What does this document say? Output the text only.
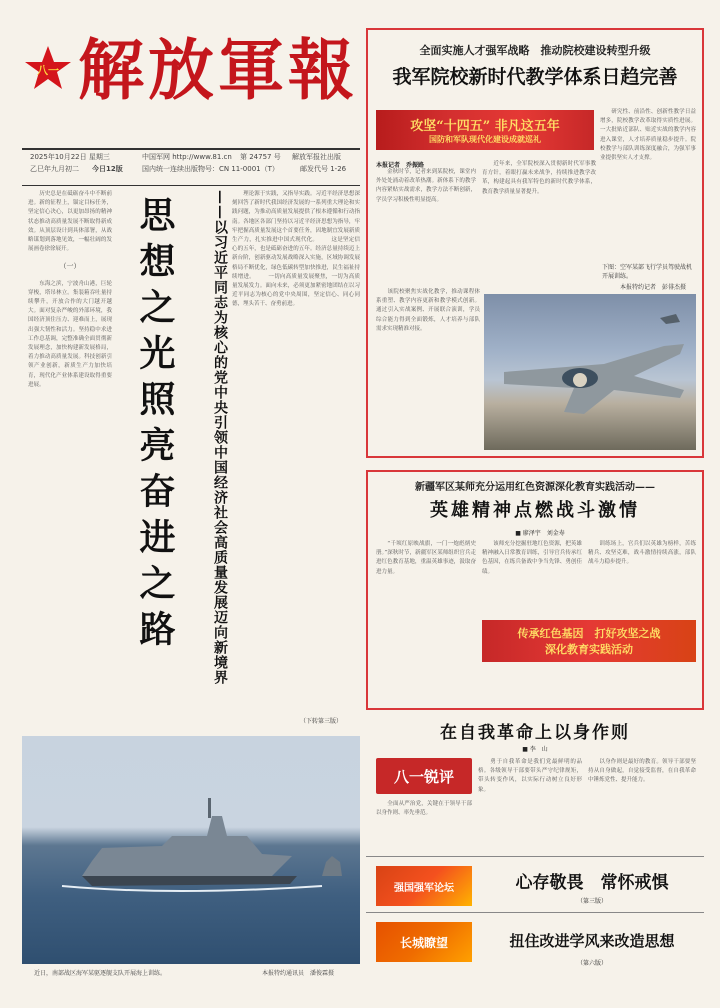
八一 解放軍報
2025年10月22日 星期三
乙巳年九月初二 今日12版
中国军网 http://www.81.cn 第 24757 号 解放军报社出版
国内统一连续出版物号：CN 11-0001（T）	邮发代号 1-26
　　历史总是在砥砺奋斗中不断前进。新的征程上，锚定目标任务，坚定信心决心，以更加昂扬的精神状态推动高质量发展不断取得新成效。从顶层设计到具体部署，从战略谋划到落地见效，一幅壮阔的发展画卷徐徐展开。
（一）
　　东海之滨，宁波舟山港，巨轮穿梭，塔吊林立。集装箱吞吐量持续攀升，开放合作的大门越开越大。面对复杂严峻的外部环境，我国经济顶住压力、迎难而上，展现出强大韧性和活力。坚持稳中求进工作总基调，完整准确全面贯彻新发展理念，加快构建新发展格局，着力推动高质量发展。科技创新引领产业创新，新质生产力加快培育，现代化产业体系建设取得重要进展。	思想之光照亮奋进之路	——以习近平同志为核心的党中央引领中国经济社会高质量发展迈向新境界 　　理论源于实践，又指导实践。习近平经济思想深刻回答了新时代我国经济发展的一系列重大理论和实践问题，为推动高质量发展提供了根本遵循和行动指南。各地区各部门坚持以习近平经济思想为指导，牢牢把握高质量发展这个首要任务，因地制宜发展新质生产力，扎实推进中国式现代化。 　　这是坚定信心的五年，也是砥砺奋进的五年。经济总量持续迈上新台阶，创新驱动发展战略深入实施，区域协调发展格局不断优化，绿色低碳转型加快推进，民生福祉持续增进。 　　一切向高质量发展聚焦，一切为高质量发展发力。面向未来，必须更加紧密地团结在以习近平同志为核心的党中央周围，坚定信心、同心同德，埋头苦干、奋勇前进。
（下转第三版）
近日，南部战区海军某驱逐舰支队开展海上训练。	本报特约通讯员　潘俊霖摄
全面实施人才强军战略　推动院校建设转型升级
我军院校新时代教学体系日趋完善
攻坚“十四五” 非凡这五年
国防和军队现代化建设成就巡礼
　　研究性、前沿性、创新性教学日益增多，院校教学改革取得实质性进展。一大批贴近部队、贴近实战的教学内容进入课堂，人才培养质量稳步提升。院校教学与部队训练深度融合，为强军事业提供坚实人才支撑。
本报记者　乔振路
　　金秋时节，记者来到某院校，课堂内外处处涌动着改革热潮。新体系下的教学内容紧贴实战需求，教学方法不断创新，学员学习积极性明显提高。
　　近年来，全军院校深入贯彻新时代军事教育方针，着眼打赢未来战争，持续推进教学改革，构建起具有我军特色的新时代教学体系，教育教学质量显著提升。
下图：空军某部飞行学员驾驶战机开展训练。
本报特约记者　彭俳杰摄
　　该院校聚焦实战化教学，推动课程体系重塑、教学内容更新和教学模式创新。通过引入实战案例、开展联合演训，学员综合能力得到全面锻炼，人才培养与部队需求实现精准对接。
新疆军区某师充分运用红色资源深化教育实践活动——
英雄精神点燃战斗激情
■ 廖泽宇　刘金寿
　　“千顷红原映战旗，一门一炮彪炳史册。”深秋时节，新疆军区某师组织官兵走进红色教育基地，重温英雄事迹，汲取奋进力量。
　　该师充分挖掘驻地红色资源，把英雄精神融入日常教育训练，引导官兵传承红色基因，在练兵备战中争当先锋、勇创佳绩。
　　训练场上，官兵们以英雄为榜样，苦练精兵、攻坚克难，战斗激情持续高涨，部队战斗力稳步提升。
传承红色基因　打好攻坚之战
深化教育实践活动
在自我革命上以身作则
■ 李　山
八一锐评
　　全面从严治党，关键在于领导干部以身作则、率先垂范。
　　勇于自我革命是我们党最鲜明的品格。各级领导干部要带头严守纪律规矩，带头转变作风，以实际行动树立良好形象。
　　以身作则是最好的教育。领导干部要坚持从自身做起，自觉接受监督，在自我革命中锤炼党性、提升能力。
强国强军论坛	心存敬畏　常怀戒惧
（第三版）
长城瞭望	扭住改进学风来改造思想
（第六版）
